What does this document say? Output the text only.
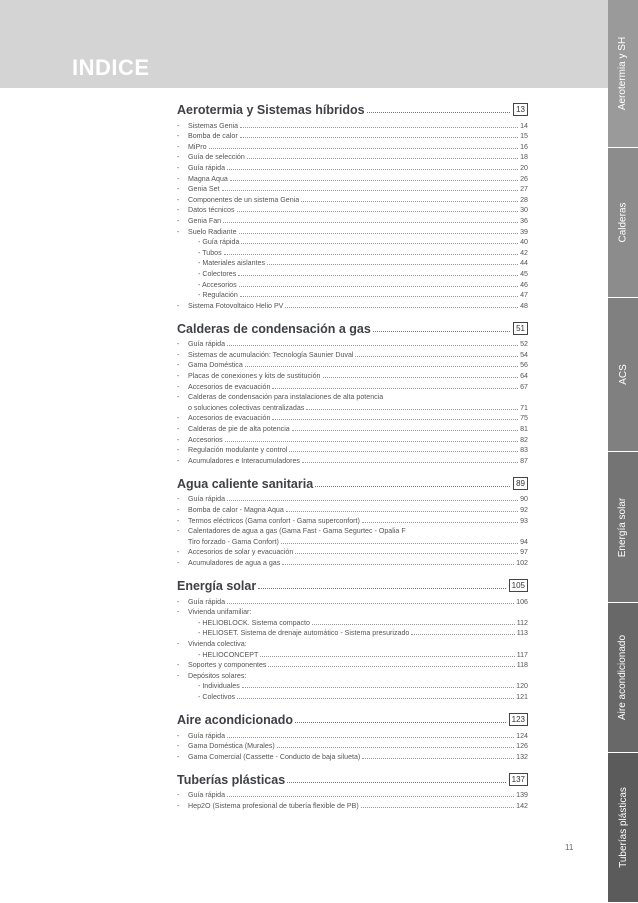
INDICE	Aerotermia y SH
Calderas
ACS
Energía solar
Aire acondicionado
Tuberías plásticas
Aerotermia y Sistemas híbridos	13
-	Sistemas Genia	14
-	Bomba de calor	15
-	MiPro	16
-	Guía de selección	18
-	Guía rápida	20
-	Magna Aqua	26
-	Genia Set	27
-	Componentes de un sistema Genia	28
-	Datos técnicos	30
-	Genia Fan	36
-	Suelo Radiante	39
- Guía rápida	40
- Tubos	42
- Materiales aislantes	44
- Colectores	45
- Accesorios	46
- Regulación	47
-	Sistema Fotovoltaico Helio PV	48
Calderas de condensación a gas	51
-	Guía rápida	52
-	Sistemas de acumulación: Tecnología Saunier Duval	54
-	Gama Doméstica	56
-	Placas de conexiones y kits de sustitución	64
-	Accesorios de evacuación	67
-	Calderas de condensación para instalaciones de alta potencia
o soluciones colectivas centralizadas	71
-	Accesorios de evacuación	75
-	Calderas de pie de alta potencia	81
-	Accesorios	82
-	Regulación modulante y control	83
-	Acumuladores e Interacumuladores	87
Agua caliente sanitaria	89
-	Guía rápida	90
-	Bomba de calor - Magna Aqua	92
-	Termos eléctricos (Gama confort - Gama superconfort)	93
-	Calentadores de agua a gas (Gama Fast - Gama Segurtec - Opalia F
Tiro forzado - Gama Confort)	94
-	Accesorios de solar y evacuación	97
-	Acumuladores de agua a gas	102
Energía solar	105
-	Guía rápida	106
-	Vivienda unifamiliar:
- HELIOBLOCK. Sistema compacto	112
- HELIOSET. Sistema de drenaje automático - Sistema presurizado	113
-	Vivienda colectiva:
- HELIOCONCEPT	117
-	Soportes y componentes	118
-	Depósitos solares:
- Individuales	120
- Colectivos	121
Aire acondicionado	123
-	Guía rápida	124
-	Gama Doméstica (Murales)	126
-	Gama Comercial (Cassette - Conducto de baja silueta)	132
Tuberías plásticas	137
-	Guía rápida	139
-	Hep2O (Sistema profesional de tubería flexible de PB)	142
11
